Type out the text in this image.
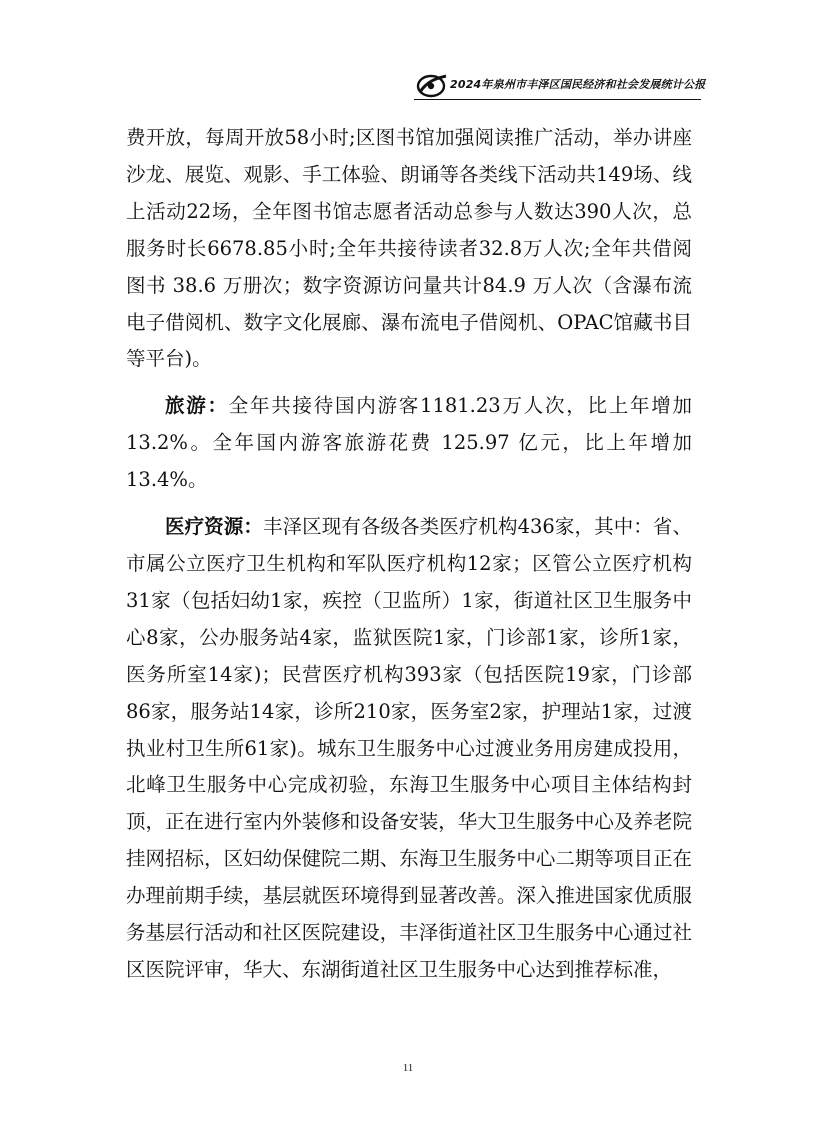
2024年泉州市丰泽区国民经济和社会发展统计公报

费开放，每周开放58小时;区图书馆加强阅读推广活动，举办讲座沙龙、展览、观影、手工体验、朗诵等各类线下活动共149场、线上活动22场，全年图书馆志愿者活动总参与人数达390人次，总服务时长6678.85小时;全年共接待读者32.8万人次;全年共借阅图书 38.6 万册次；数字资源访问量共计84.9 万人次（含瀑布流电子借阅机、数字文化展廊、瀑布流电子借阅机、OPAC馆藏书目等平台)。

旅游：全年共接待国内游客1181.23万人次，比上年增加13.2%。全年国内游客旅游花费 125.97 亿元，比上年增加13.4%。

医疗资源：丰泽区现有各级各类医疗机构436家，其中：省、市属公立医疗卫生机构和军队医疗机构12家；区管公立医疗机构31家（包括妇幼1家，疾控（卫监所）1家，街道社区卫生服务中心8家，公办服务站4家，监狱医院1家，门诊部1家，诊所1家，医务所室14家)；民营医疗机构393家（包括医院19家，门诊部86家，服务站14家，诊所210家，医务室2家，护理站1家，过渡执业村卫生所61家)。城东卫生服务中心过渡业务用房建成投用，北峰卫生服务中心完成初验，东海卫生服务中心项目主体结构封顶，正在进行室内外装修和设备安装，华大卫生服务中心及养老院挂网招标，区妇幼保健院二期、东海卫生服务中心二期等项目正在办理前期手续，基层就医环境得到显著改善。深入推进国家优质服务基层行活动和社区医院建设，丰泽街道社区卫生服务中心通过社区医院评审，华大、东湖街道社区卫生服务中心达到推荐标准，

11
